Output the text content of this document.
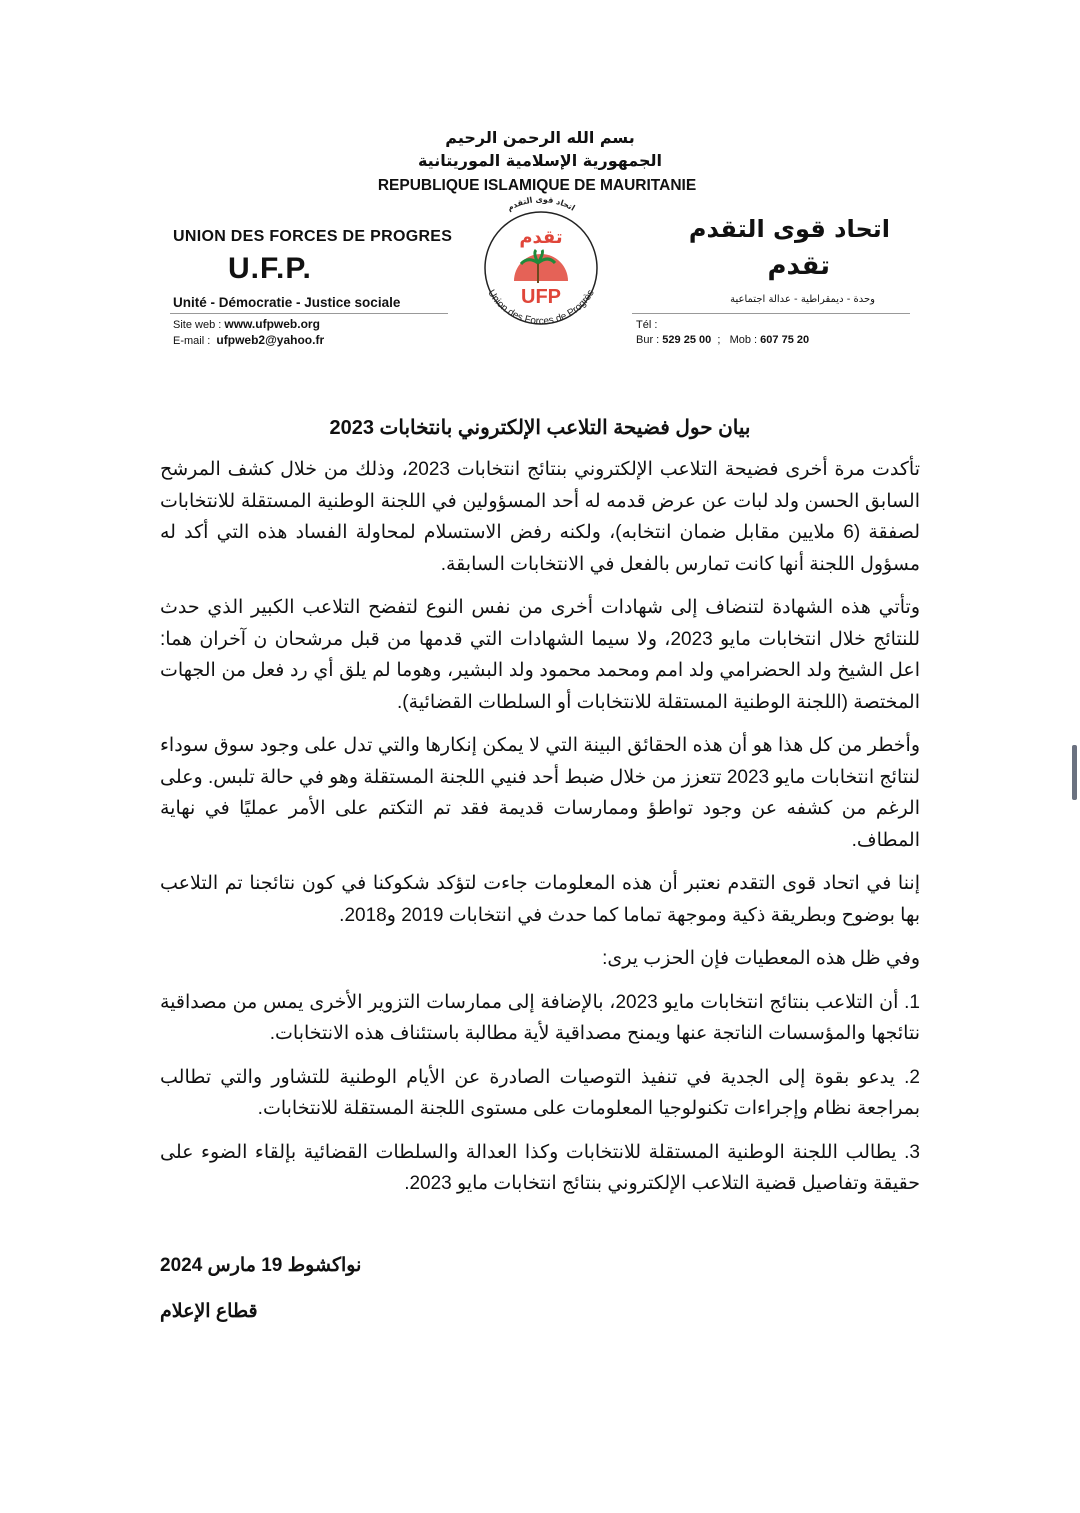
بسم الله الرحمن الرحيم
الجمهورية الإسلامية الموريتانية
REPUBLIQUE ISLAMIQUE DE MAURITANIE
UNION DES FORCES DE PROGRES
U.F.P.
Unité - Démocratie - Justice sociale
Site web : www.ufpweb.org
E-mail : ufpweb2@yahoo.fr
اتحاد قوى التقدم
تقدم
وحدة - ديمقراطية - عدالة اجتماعية
Tél :
Bur : 529 25 00 ; Mob : 607 75 20
اتحاد قوى التقدم
تقدم
UFP
Union des Forces de Progrès
بيان حول فضيحة التلاعب الإلكتروني بانتخابات 2023
تأكدت مرة أخرى فضيحة التلاعب الإلكتروني بنتائج انتخابات 2023، وذلك من خلال كشف المرشح السابق الحسن ولد لبات عن عرض قدمه له أحد المسؤولين في اللجنة الوطنية المستقلة للانتخابات لصفقة (6 ملايين مقابل ضمان انتخابه)، ولكنه رفض الاستسلام لمحاولة الفساد هذه التي أكد له مسؤول اللجنة أنها كانت تمارس بالفعل في الانتخابات السابقة.
وتأتي هذه الشهادة لتنضاف إلى شهادات أخرى من نفس النوع لتفضح التلاعب الكبير الذي حدث للنتائج خلال انتخابات مايو 2023، ولا سيما الشهادات التي قدمها من قبل مرشحان ن آخران هما: اعل الشيخ ولد الحضرامي ولد امم ومحمد محمود ولد البشير، وهوما لم يلق أي رد فعل من الجهات المختصة (اللجنة الوطنية المستقلة للانتخابات أو السلطات القضائية).
وأخطر من كل هذا هو أن هذه الحقائق البينة التي لا يمكن إنكارها والتي تدل على وجود سوق سوداء لنتائج انتخابات مايو 2023 تتعزز من خلال ضبط أحد فنيي اللجنة المستقلة وهو في حالة تلبس. وعلى الرغم من كشفه عن وجود تواطؤ وممارسات قديمة فقد تم التكتم على الأمر عمليًا في نهاية المطاف.
إننا في اتحاد قوى التقدم نعتبر أن هذه المعلومات جاءت لتؤكد شكوكنا في كون نتائجنا تم التلاعب بها بوضوح وبطريقة ذكية وموجهة تماما كما حدث في انتخابات 2019 و2018.
وفي ظل هذه المعطيات فإن الحزب يرى:
1. أن التلاعب بنتائج انتخابات مايو 2023، بالإضافة إلى ممارسات التزوير الأخرى يمس من مصداقية نتائجها والمؤسسات الناتجة عنها ويمنح مصداقية لأية مطالبة باستئناف هذه الانتخابات.
2. يدعو بقوة إلى الجدية في تنفيذ التوصيات الصادرة عن الأيام الوطنية للتشاور والتي تطالب بمراجعة نظام وإجراءات تكنولوجيا المعلومات على مستوى اللجنة المستقلة للانتخابات.
3. يطالب اللجنة الوطنية المستقلة للانتخابات وكذا العدالة والسلطات القضائية بإلقاء الضوء على حقيقة وتفاصيل قضية التلاعب الإلكتروني بنتائج انتخابات مايو 2023.
نواكشوط 19 مارس 2024
قطاع الإعلام
